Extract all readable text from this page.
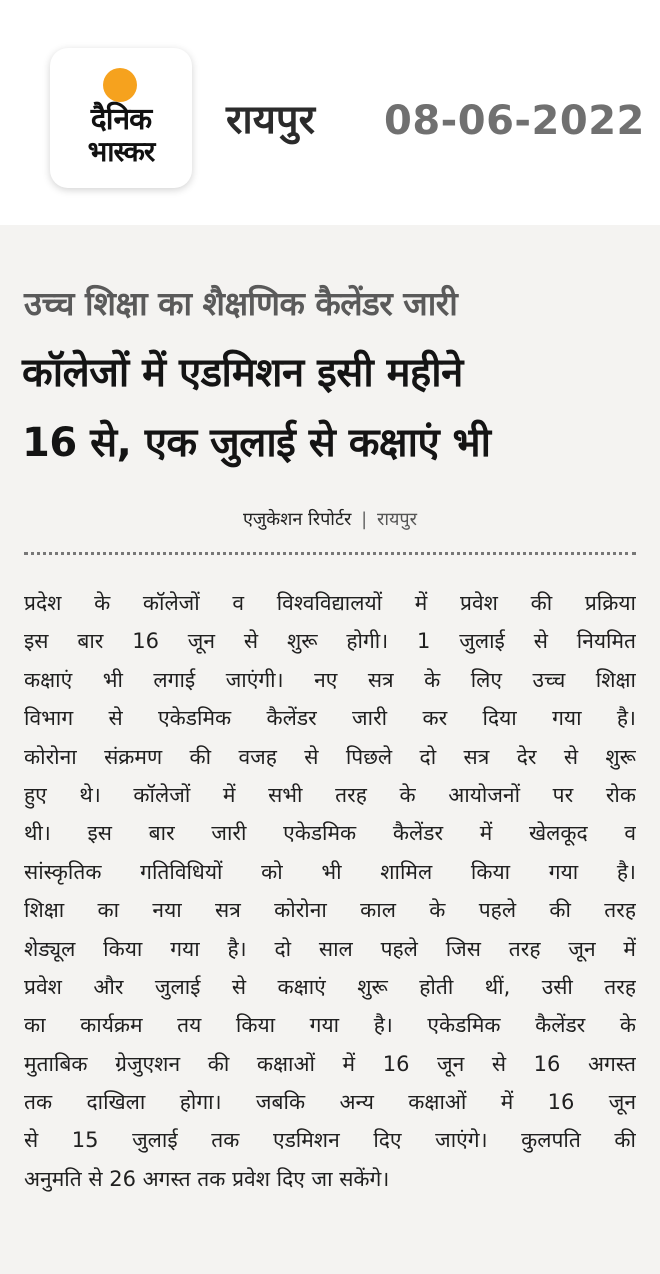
दैनिक
भास्कर
रायपुर 08-06-2022
उच्च शिक्षा का शैक्षणिक कैलेंडर जारी
कॉलेजों में एडमिशन इसी महीने
16 से, एक जुलाई से कक्षाएं भी
एजुकेशन रिपोर्टर | रायपुर
प्रदेश के कॉलेजों व विश्वविद्यालयों में प्रवेश की प्रक्रिया
इस बार 16 जून से शुरू होगी। 1 जुलाई से नियमित
कक्षाएं भी लगाई जाएंगी। नए सत्र के लिए उच्च शिक्षा
विभाग से एकेडमिक कैलेंडर जारी कर दिया गया है।
कोरोना संक्रमण की वजह से पिछले दो सत्र देर से शुरू
हुए थे। कॉलेजों में सभी तरह के आयोजनों पर रोक
थी। इस बार जारी एकेडमिक कैलेंडर में खेलकूद व
सांस्कृतिक गतिविधियों को भी शामिल किया गया है।
शिक्षा का नया सत्र कोरोना काल के पहले की तरह
शेड्यूल किया गया है। दो साल पहले जिस तरह जून में
प्रवेश और जुलाई से कक्षाएं शुरू होती थीं, उसी तरह
का कार्यक्रम तय किया गया है। एकेडमिक कैलेंडर के
मुताबिक ग्रेजुएशन की कक्षाओं में 16 जून से 16 अगस्त
तक दाखिला होगा। जबकि अन्य कक्षाओं में 16 जून
से 15 जुलाई तक एडमिशन दिए जाएंगे। कुलपति की
अनुमति से 26 अगस्त तक प्रवेश दिए जा सकेंगे।
